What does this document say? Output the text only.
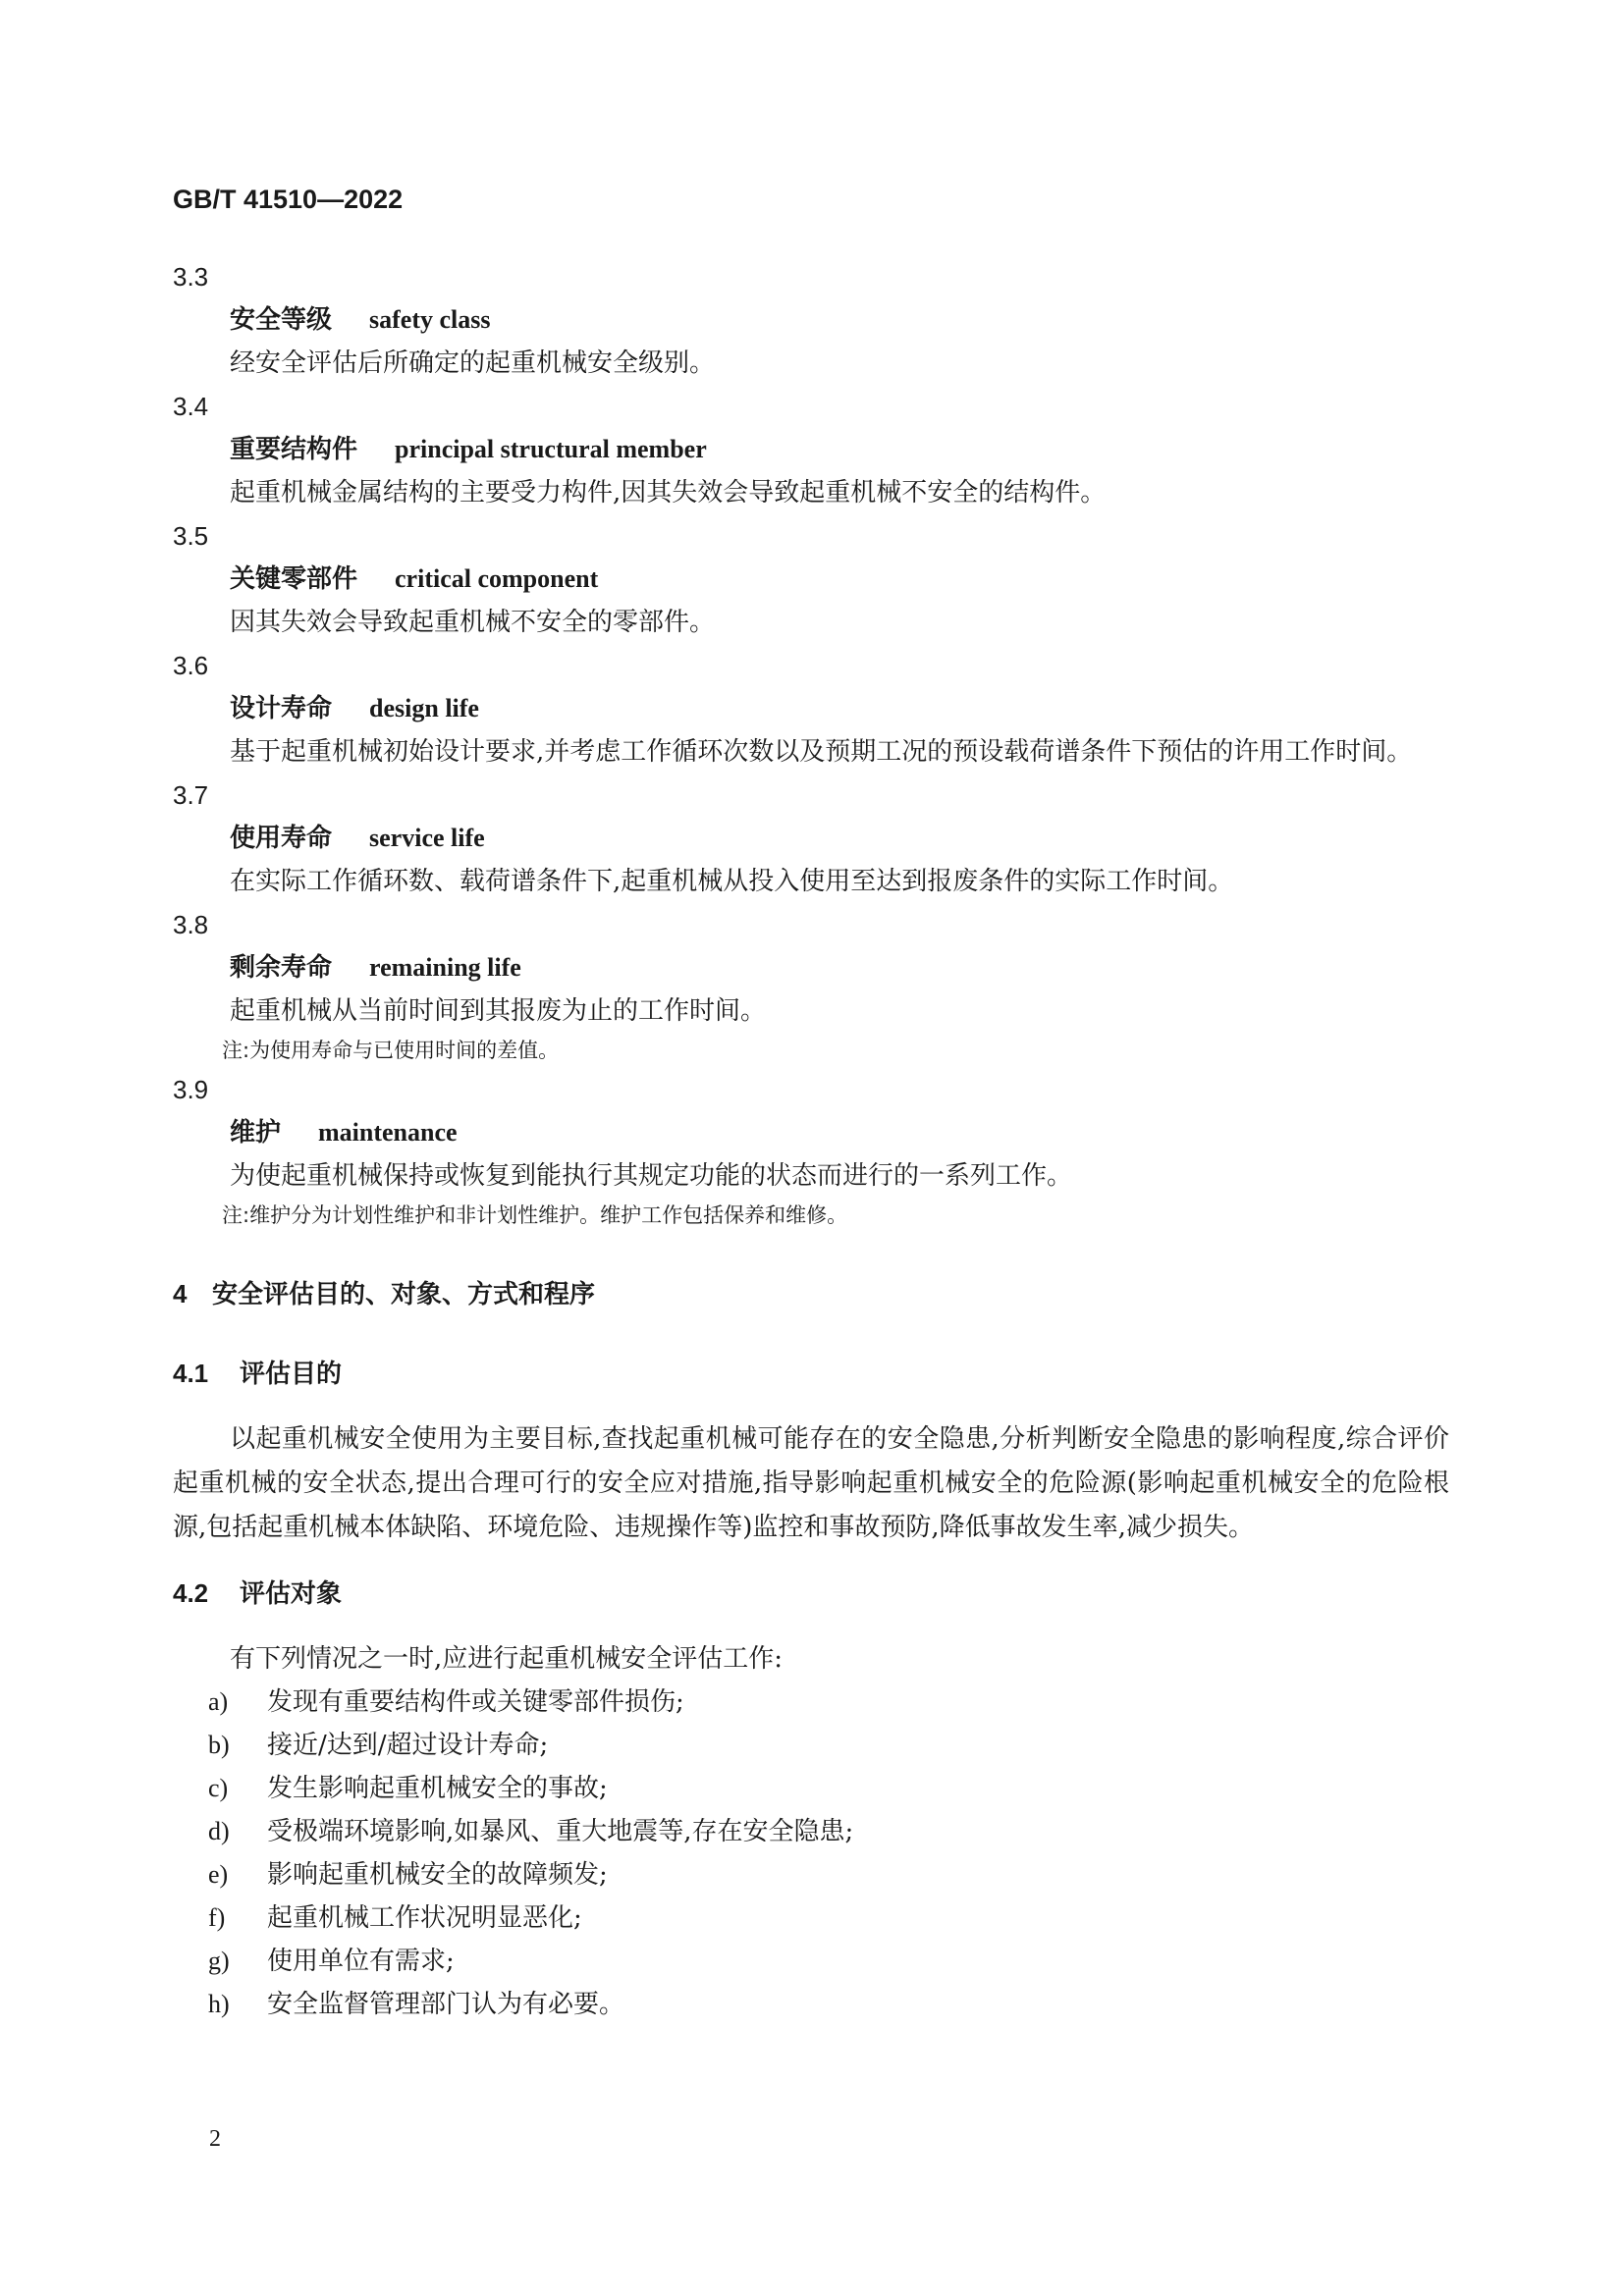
GB/T 41510—2022
3.3
安全等级 safety class
经安全评估后所确定的起重机械安全级别。
3.4
重要结构件 principal structural member
起重机械金属结构的主要受力构件,因其失效会导致起重机械不安全的结构件。
3.5
关键零部件 critical component
因其失效会导致起重机械不安全的零部件。
3.6
设计寿命 design life
基于起重机械初始设计要求,并考虑工作循环次数以及预期工况的预设载荷谱条件下预估的许用工作时间。
3.7
使用寿命 service life
在实际工作循环数、载荷谱条件下,起重机械从投入使用至达到报废条件的实际工作时间。
3.8
剩余寿命 remaining life
起重机械从当前时间到其报废为止的工作时间。
注:为使用寿命与已使用时间的差值。
3.9
维护 maintenance
为使起重机械保持或恢复到能执行其规定功能的状态而进行的一系列工作。
注:维护分为计划性维护和非计划性维护。维护工作包括保养和维修。
4 安全评估目的、对象、方式和程序
4.1 评估目的
以起重机械安全使用为主要目标,查找起重机械可能存在的安全隐患,分析判断安全隐患的影响程度,综合评价起重机械的安全状态,提出合理可行的安全应对措施,指导影响起重机械安全的危险源(影响起重机械安全的危险根源,包括起重机械本体缺陷、环境危险、违规操作等)监控和事故预防,降低事故发生率,减少损失。
4.2 评估对象
有下列情况之一时,应进行起重机械安全评估工作:
a)	发现有重要结构件或关键零部件损伤;
b)	接近/达到/超过设计寿命;
c)	发生影响起重机械安全的事故;
d)	受极端环境影响,如暴风、重大地震等,存在安全隐患;
e)	影响起重机械安全的故障频发;
f)	起重机械工作状况明显恶化;
g)	使用单位有需求;
h)	安全监督管理部门认为有必要。
2
